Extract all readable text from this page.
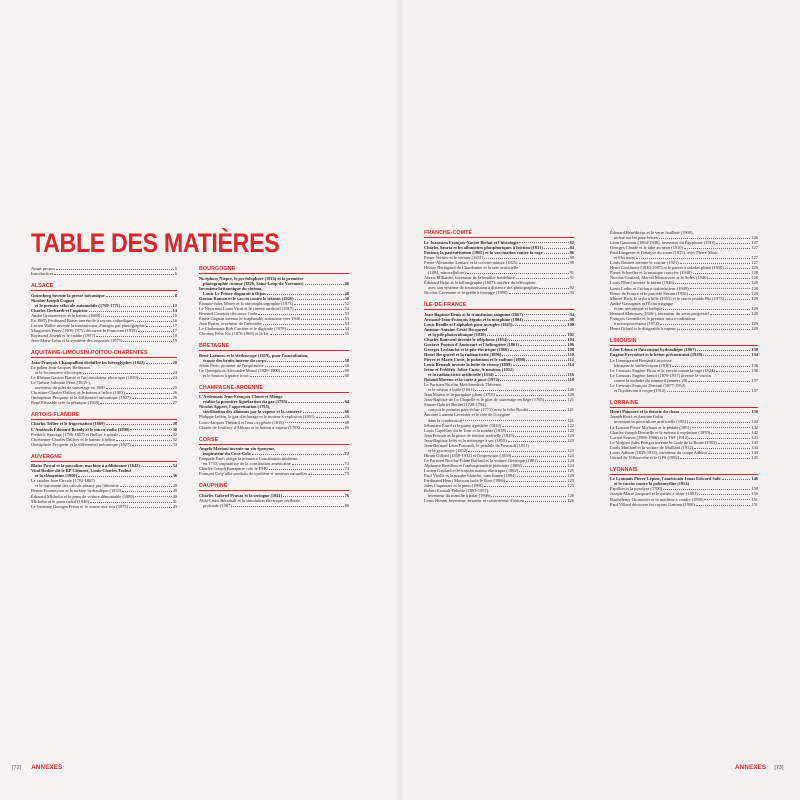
TABLE DES MATIÈRES
Avant-propos	5
Introduction	6
ALSACE
Gutenberg invente la presse mécanique	8
Nicolas-Joseph Cugnot
et le premier véhicule automobile (1769-1771)	12
Charles Gerhardt et l'aspirine	14
André Grossenreyer et le bateau (1680)	16
En 1887, Ferdinand Braun une étoile à rayons cathodiques	16
Lucien Waller invente la transmission d'images par photographie	17
Marguerite Perey (1909-1975) découvre le Francium (1939)	17
Raymond Joseph et le caddie (1957)	18
Jean-Marie Lehn et la synthèse des cryptates (1975)	19
AQUITAINE-LIMOUSIN-POITOU-CHARENTES
Jean-François Champollion déchiffre les hiéroglyphes (1822)	20
Le pabeu Jean-Jacques Heilmann
et la locomotive électrique	24
Le Rhénan Gaston Planté et l'accumulateur électrique (1859)	24
Le Tarbais Valentin Pérot (1835-),
inventeur du gilet de sauvetage en 1889	25
Christine-Charles Dallery et le bateau à hélice (1803)	26
Onésiphore Pecqueur et le différentiel mécanique (1827)	26
René Elissalde créé la pétanque (1940)	27
ARTOIS-FLANDRE
Charles Tellier et le frigorisation (1869)	28
L'Amiénois Édouard Branly et le micro-radio (1890)	30
Frédéric Sauvage (1786-1857) et l'hélice à spirale	32
Chrétienne-Charles Dallery et le bateau à hélice	32
Onésiphore Pecqueur et le différentiel mécanique (1827)	33
AUVERGNE
Blaise Pascal et la pascaline, machine à additionner (1642)	34
Vital Rodier dit le RP Clément, Louis-Charles Trabut
et la clémentine (1900)	36
Le catalan Jean Circale (1792-1867)
et le traitement des calculs rénaux par lithotritie	40
Benoit Fourneyron et la turbine hydraulique (1832)	40
Édouard Michelin et le pneu de voiture démontable (1889)	40
Michelin et le pneu radial (1946)	41
Le fontenay Georges Fréon et la course aux rois (1975)	43
BOURGOGNE
Nicéphore Niepce, le pyréolophore (1816) et la première
photographie connue (1826, Saint-Loup-de-Varennes)	46
Inventeur britannique du cinéma,
Louis Le Prince disparaît à Dijon	48
Gaston Ramon et le vaccin contre le tétanos (1926)	50
Étienne-Jules Marey et la chronophotographie (1873)	52
Le Nivernais Louis Vicat et le ciment artificiel (1817)	52
Bernard Courtois découvre l'iode	53
Émile Gagnan invente le scaphandre autonome vers 1940	53
Jean Bertin, inventeur de l'aérotrain	54
Le Chalonnais Bob Carrière et le digicode (1978)	54
Chronos Félix Kir (1876-1968) et le kir	55
BRETAGNE
René Laënnec et le stéthoscope (1819), pour l'auscultation,
écoute des bruits interne du corps	58
Jehan Péris, pionnier de l'imprimerie	60
Le Quimpérois Alexandre Mossé (1829-1900)	60
et le bouton à quatre trous	60
CHAMPAGNE-ARDENNE
L'Ardennais Jean-François Clouet et Monge
réalise la première liquéfaction du gaz (1785)	64
Nicolas Appert, l'appertisation (1795),
stérilisation des aliments par la vapeur et la conserve	66
Philippe Lebon, le gaz d'éclairage et le moteur à explosion (1801)	68
Louis-Jacques Thénard et l'eau oxygénée (1818)	68
Claude de Jouffroy d'Abbans et le bateau à vapeur (1783)	69
CORSE
Angelo Mariani invente un vin éponyme,
inspirateur du Coca-Cola	72
Pasquale Paoli rédige la première Constitution moderne,
en 1755, inspiratrice de la constitution américaine	74
Charles-Joseph Bonaparte crée le PMU	74
François Coty allie produits de synthèse et senteurs naturelles	75
DAUPHINÉ
Charles Gabriel Pravaz et la seringue (1841)	76
Aldo-Louis Bérathall et la simulation électrique cérébrale
profonde (1987)	80
FRANCHE-COMTÉ
Le Jurassien François-Xavier Bichat et l'histologie	82
Charles Sauria et les allumettes phosphoriques à friction (1831)	84
Pasteur, la pasteurisation (1865) et la vaccination contre la rage	86
Pierre Vernier et le vernier (1631)	90
Pierre-Alexandre Lemare et la cocotte-minute (1825)	90
Hilaire Bernigaud de Chardonnet et la soie artificielle
(1884, nitrocellulose)	91
Alexis Millardet, inventeur de la bouillie bordelaise	91
Édouard Belin et le bélinographe (1907), ancêtre du télécopieur
avec son système de transmission à distance des photographies	92
Nicolas Cavenaire et la grelle à fromage (1890)	93
ÎLE-DE-FRANCE
Jean-Baptiste Denis et la transfusion sanguine (1667)	94
Armand-Jean-François Séguin et la morphine (1804)	98
Louis Braille et l'alphabet pour aveugles (1825)	100
Antoine-Antoine César Becquerel
et la pile photovoltaïque (1839)	102
Charles Bourseul invente le téléphone (1854)	104
Gustave Ponton d'Amécourt et l'hélicoptère (1861)	106
Georges Leclanché et la pile électrique (1866)	108
Henri Becquerel et la radioactivité (1896)	110
Pierre et Marie Curie, le polonium et le radium (1898)	112
Louis Renault invente la boîte de vitesse (1899)	114
Irène et Frédéric Joliot-Curie, le neutron (1932)
et la radioactivité artificielle (1934)	116
Roland Moreno et la carte à puce (1974)	118
Le Parisien Nicolas Melchisedech Thévenot
et le niveau à bulle (1661)	120
Jean Marius et le parapluie pliant (1705)	120
Jean-Baptiste de La Chapelle et le gilet de sauvetage en liège (1765)	121
Simon-Gabriel Boulet (1728-1794)
conçoit le premier pare-éclair (1771) avec la folie Boulet	121
Antoine Laurent Lavoisier et le rôle de l'oxygène
dans la combustion	121
Sébastien Érard et le piano à pédales (1810)	122
Louis Capelliny dit le Tour et la tontine (1818)	122
Jean Poirson et la pince de tension artérielle (1825)	123
Jean-Baptiste Jeffy et le nettoyage à sec (1855)	123
Jean-Bernard Léon Foucault, le pendule de Foucault (1851)
et le gyroscope (1852)	123
Hiram Gillard (1858-1932) et l'impression (1839)	124
Le Parisien Nicolas-Edme Raffard et la voiture électrique (1881)	124
Alphonse Bertillon et l'anthropométrie judiciaire (1882)	124
Lucien Gaulard et le transformateur électrique (1882)	125
Paul Vieille et la poudre blanche, sans fumée (1884)	125
Ferdinand Henri Moisson isole le fluor (1886)	125
Jules Carpentier et le pneu (1891)	125
Robert Esnault-Pelterie (1881-1957),
inventeur du manche à balai (1906)	126
Louis Hirsan, inventeur, aviateur et constructeur d'avions	126
Édouard Bénédictus et le verre feuilleté (1909),
utilisé sur les pare-brises	126
Léon Gaumont (1864-1946), inventeur du Égyphone (1910)	127
Georges Claude et le tube au néon (1910)	127
Paul Langevin et l'analyse du sonar (1915), avec Pierre Marti
et Florisson	127
Louis Bastien invente le cortine (1921)	127
Henri Coutinone (1910-1987) et le panier à salades pliant (1930)	128
Pierre Schaeffer et la musique concrète (1948)	128
Nicolas Goufard, Marcel Moncuveze et le Solex (1946)	128
Louis Réard invente le bikini (1946)	128
Louis Leduc et l'avion à statoréacteur (1949)	128
Benoi de France et le procédé Secam (1956)	129
Marcel Bich, le stylo à bille (1953) et le rasoir jetable Bic (1975)	129
André Gassagnes et l'Écho magique
écran mécanique et ludique	129
Bernard Matossoy, 1926-), inventeur du verre progressif	129
François Gernelle et le premier micro-ordinateur
à microprocesseur (1972)	129
Henri Gifard et le dirigeable à vapeur	129
LIMOUSIN
Léon Edoux et l'ascenseur hydraulique (1867)	130
Eugène Freyssinet et le béton précontraint (1928)	134
Le Limougeaud Bernard Lascrosse
bâtisseur le vaille-crayon (1950)	136
Le Creusois Eugène Pirou et le vaccin contre la rage (1924)	136
Le Creusois Eugène Jamot (1879-1937) invente le vaccin
contre la maladie du sommeil (années 20)	137
Le Creusois François Dentaut (1877-1952)
et l'hydravion à coque (1912)	137
LORRAINE
Henri Poincaré et la théorie du chaos	138
Joseph Roux et Antoine Golin
inventent la pisciculture artificielle (1851)	142
Le Lorrain Pierre Michaux et le pédale (1861)	142
Charles-Joseph Donuelle et le moteur à explosion (1870)	142
Lucien Souvet (1886-1966) et la TSF (1912)	143
Le Vosgien Jules Pénigot invente le Code de la Route (1903)	143
Louis Muillard et la voiture de Muillard (1912)	144
Louis Adhion (1839-1933), inventeur du coupe Adhion	144
Gérard de Villecroche et le GPS (1992)	145
LYONNAIS
Le Lyonnais Pierre Lépine, l'américain Jonas Edward Salk	146
et le vaccin contre la poliomyélite (1954)
Papillon et la pyrolyse (1790)	150
Joseph-Marie Jacquard et le métier à tisser (1801)	150
Barthélemy Thimonier et la machine à coudre (1830)	151
Paul Villard découvre les rayons Gamma (1900)	151
[72] ANNEXES	ANNEXES [73]
